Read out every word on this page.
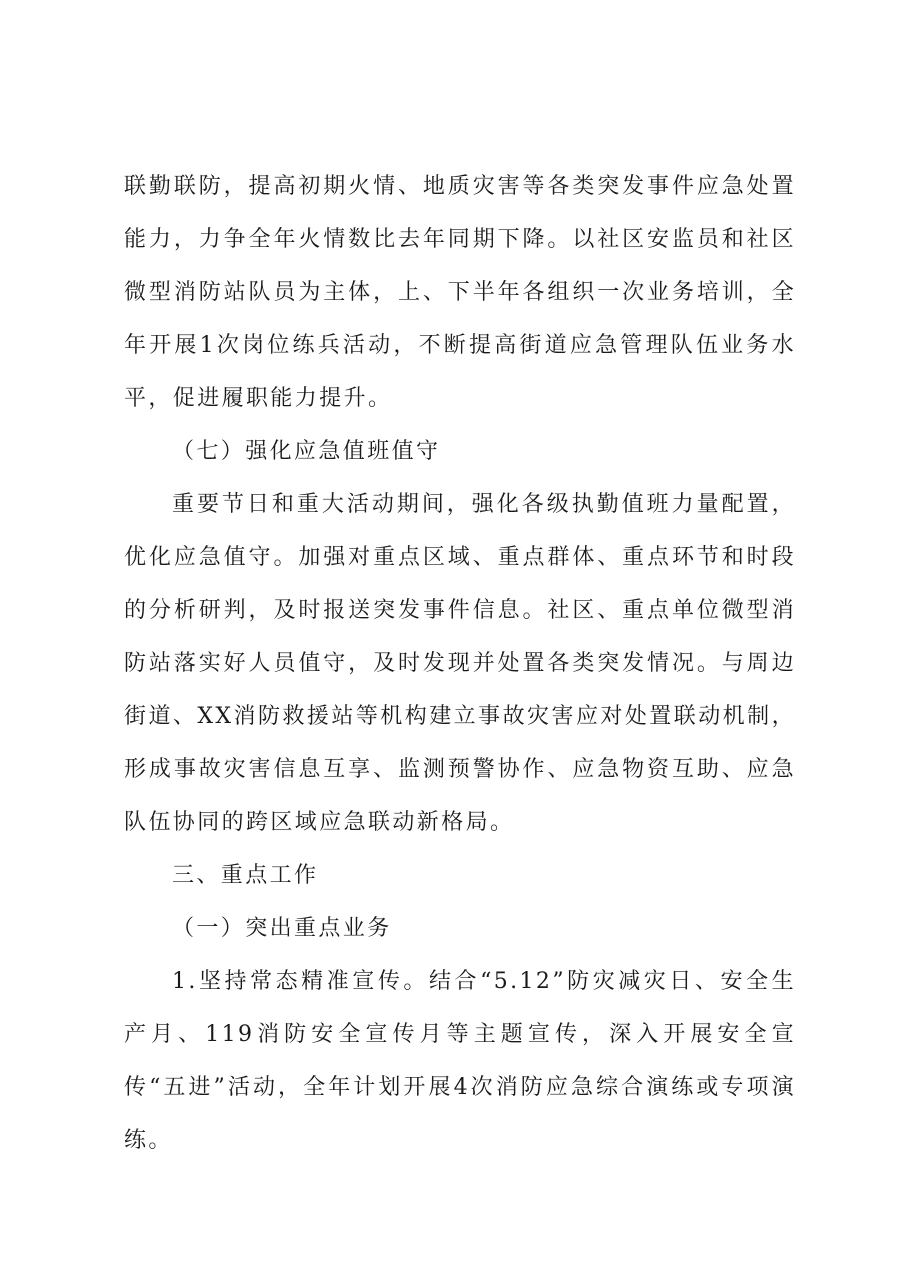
联勤联防，提高初期火情、地质灾害等各类突发事件应急处置能力，力争全年火情数比去年同期下降。以社区安监员和社区微型消防站队员为主体，上、下半年各组织一次业务培训，全年开展1次岗位练兵活动，不断提高街道应急管理队伍业务水平，促进履职能力提升。

（七）强化应急值班值守

重要节日和重大活动期间，强化各级执勤值班力量配置，优化应急值守。加强对重点区域、重点群体、重点环节和时段的分析研判，及时报送突发事件信息。社区、重点单位微型消防站落实好人员值守，及时发现并处置各类突发情况。与周边街道、XX消防救援站等机构建立事故灾害应对处置联动机制，形成事故灾害信息互享、监测预警协作、应急物资互助、应急队伍协同的跨区域应急联动新格局。

三、重点工作

（一）突出重点业务

1.坚持常态精准宣传。结合“5.12”防灾减灾日、安全生产月、119消防安全宣传月等主题宣传，深入开展安全宣传“五进”活动，全年计划开展4次消防应急综合演练或专项演练。
